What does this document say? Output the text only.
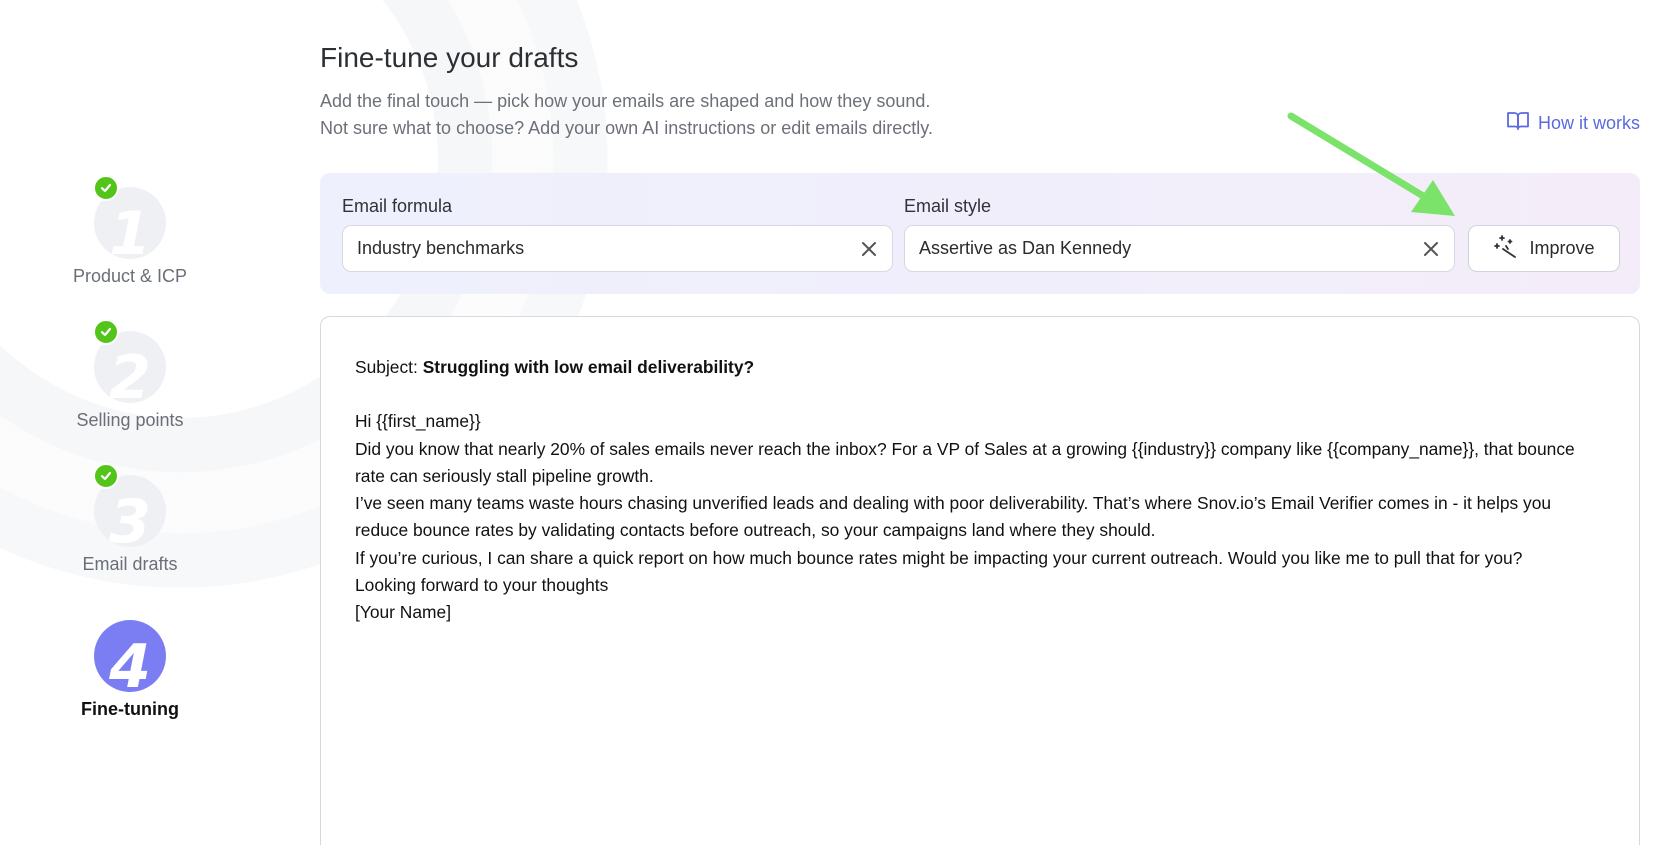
1
Product & ICP
2
Selling points
3
Email drafts
4
Fine-tuning
Fine-tune your drafts
Add the final touch — pick how your emails are shaped and how they sound.
Not sure what to choose? Add your own AI instructions or edit emails directly.	How it works
Email formula
Industry benchmarks
Email style
Assertive as Dan Kennedy	Improve
Subject: Struggling with low email deliverability?
Hi {{first_name}}
Did you know that nearly 20% of sales emails never reach the inbox? For a VP of Sales at a growing {{industry}} company like {{company_name}}, that bounce rate can seriously stall pipeline growth.
I’ve seen many teams waste hours chasing unverified leads and dealing with poor deliverability. That’s where Snov.io’s Email Verifier comes in - it helps you reduce bounce rates by validating contacts before outreach, so your campaigns land where they should.
If you’re curious, I can share a quick report on how much bounce rates might be impacting your current outreach. Would you like me to pull that for you?
Looking forward to your thoughts
[Your Name]
